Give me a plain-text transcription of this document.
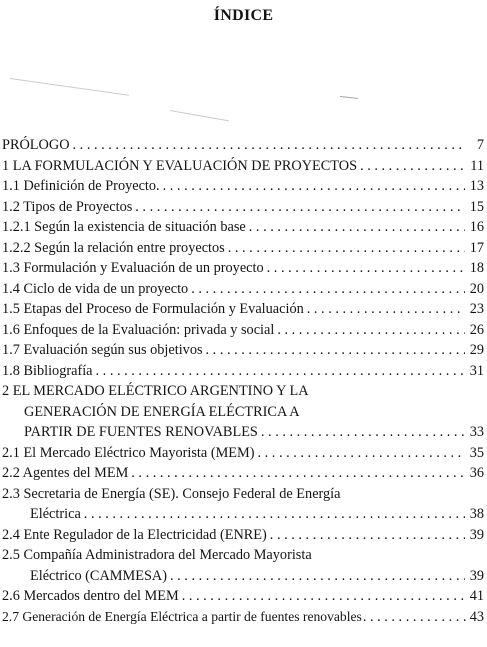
ÍNDICE
PRÓLOGO . . .	7
1 LA FORMULACIÓN Y EVALUACIÓN DE PROYECTOS . . .	11
1.1 Definición de Proyecto. . . .	13
1.2 Tipos de Proyectos . . .	15
1.2.1 Según la existencia de situación base . . .	16
1.2.2 Según la relación entre proyectos . . .	17
1.3 Formulación y Evaluación de un proyecto . . .	18
1.4 Ciclo de vida de un proyecto . . .	20
1.5 Etapas del Proceso de Formulación y Evaluación . . .	23
1.6 Enfoques de la Evaluación: privada y social . . .	26
1.7 Evaluación según sus objetivos . . .	29
1.8 Bibliografía . . .	31
2 EL MERCADO ELÉCTRICO ARGENTINO Y LA
GENERACIÓN DE ENERGÍA ELÉCTRICA A
PARTIR DE FUENTES RENOVABLES . . .	33
2.1 El Mercado Eléctrico Mayorista (MEM) . . .	35
2.2 Agentes del MEM . . .	36
2.3 Secretaria de Energía (SE). Consejo Federal de Energía
Eléctrica . . .	38
2.4 Ente Regulador de la Electricidad (ENRE) . . .	39
2.5 Compañía Administradora del Mercado Mayorista
Eléctrico (CAMMESA) . . .	39
2.6 Mercados dentro del MEM . . .	41
2.7 Generación de Energía Eléctrica a partir de fuentes renovables . . .	43
